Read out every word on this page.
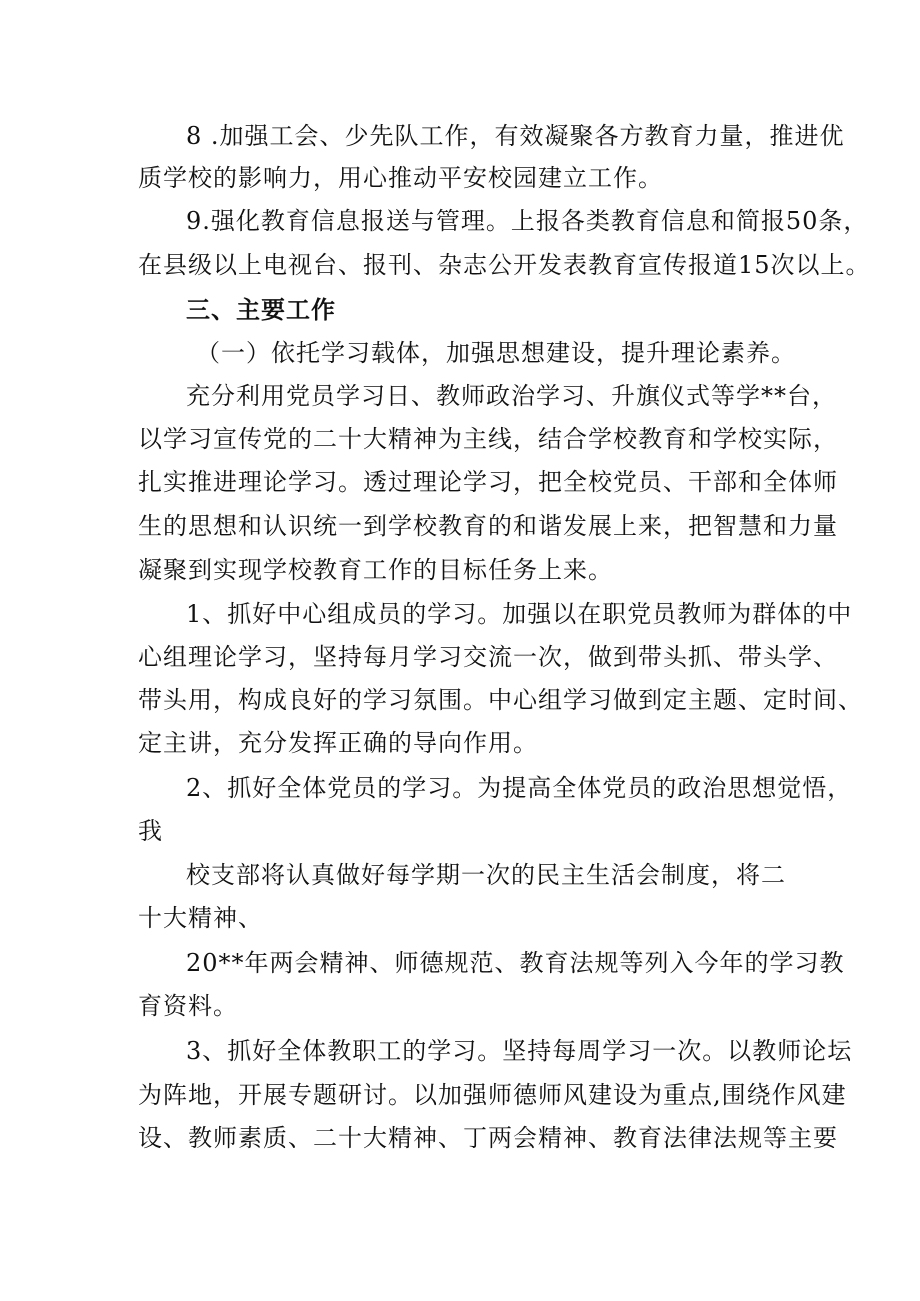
8 .加强工会、少先队工作，有效凝聚各方教育力量，推进优
质学校的影响力，用心推动平安校园建立工作。
9.强化教育信息报送与管理。上报各类教育信息和简报50条，
在县级以上电视台、报刊、杂志公开发表教育宣传报道15次以上。
三、主要工作
（一）依托学习载体，加强思想建设，提升理论素养。
充分利用党员学习日、教师政治学习、升旗仪式等学**台，
以学习宣传党的二十大精神为主线，结合学校教育和学校实际，
扎实推进理论学习。透过理论学习，把全校党员、干部和全体师
生的思想和认识统一到学校教育的和谐发展上来，把智慧和力量
凝聚到实现学校教育工作的目标任务上来。
1、抓好中心组成员的学习。加强以在职党员教师为群体的中
心组理论学习，坚持每月学习交流一次，做到带头抓、带头学、
带头用，构成良好的学习氛围。中心组学习做到定主题、定时间、
定主讲，充分发挥正确的导向作用。
2、抓好全体党员的学习。为提高全体党员的政治思想觉悟，
我
校支部将认真做好每学期一次的民主生活会制度，将二
十大精神、
20**年两会精神、师德规范、教育法规等列入今年的学习教
育资料。
3、抓好全体教职工的学习。坚持每周学习一次。以教师论坛
为阵地，开展专题研讨。以加强师德师风建设为重点,围绕作风建
设、教师素质、二十大精神、丁两会精神、教育法律法规等主要
